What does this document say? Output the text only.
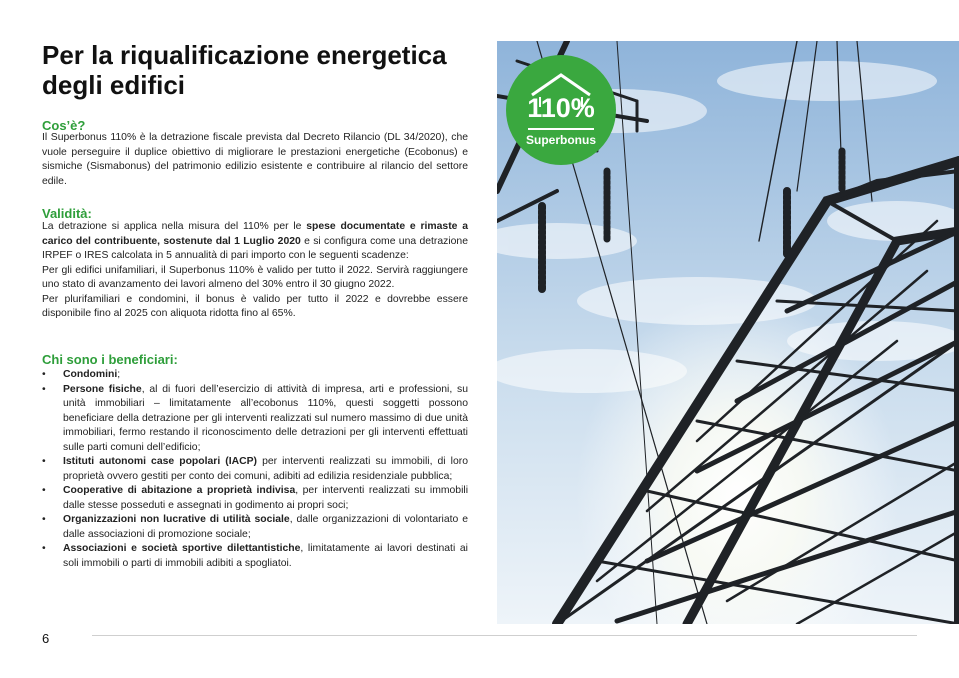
Per la riqualificazione energetica degli edifici
Cos’è?

Il Superbonus 110% è la detrazione fiscale prevista dal Decreto Rilancio (DL 34/2020), che vuole perseguire il duplice obiettivo di migliorare le prestazioni energetiche (Ecobonus) e sismiche (Sismabonus) del patrimonio edilizio esistente e contribuire al rilancio del settore edile.

Validità:

La detrazione si applica nella misura del 110% per le spese documentate e rimaste a carico del contribuente, sostenute dal 1 Luglio 2020 e si configura come una detrazione IRPEF o IRES calcolata in 5 annualità di pari importo con le seguenti scadenze:

Per gli edifici unifamiliari, il Superbonus 110% è valido per tutto il 2022. Servirà raggiungere uno stato di avanzamento dei lavori almeno del 30% entro il 30 giugno 2022.

Per plurifamiliari e condomini, il bonus è valido per tutto il 2022 e dovrebbe essere disponibile fino al 2025 con aliquota ridotta fino al 65%.

Chi sono i beneficiari:
• Condomini;
• Persone fisiche, al di fuori dell’esercizio di attività di impresa, arti e professioni, su unità immobiliari – limitatamente all’ecobonus 110%, questi soggetti possono beneficiare della detrazione per gli interventi realizzati sul numero massimo di due unità immobiliari, fermo restando il riconoscimento delle detrazioni per gli interventi effettuati sulle parti comuni dell’edificio;
• Istituti autonomi case popolari (IACP) per interventi realizzati su immobili, di loro proprietà ovvero gestiti per conto dei comuni, adibiti ad edilizia residenziale pubblica;
• Cooperative di abitazione a proprietà indivisa, per interventi realizzati su immobili dalle stesse posseduti e assegnati in godimento ai propri soci;
• Organizzazioni non lucrative di utilità sociale, dalle organizzazioni di volontariato e dalle associazioni di promozione sociale;
• Associazioni e società sportive dilettantistiche, limitatamente ai lavori destinati ai soli immobili o parti di immobili adibiti a spogliatoi.
110%
Superbonus
6
